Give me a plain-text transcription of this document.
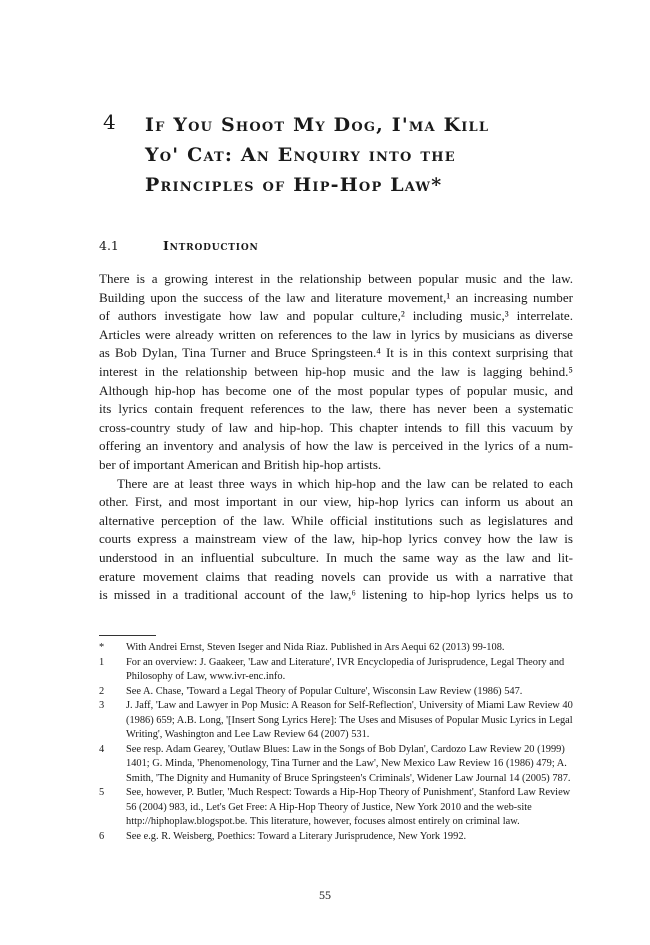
4	If You Shoot My Dog, I'ma Kill
Yo' Cat: An Enquiry into the
Principles of Hip-Hop Law*
4.1	Introduction

There is a growing interest in the relationship between popular music and the law.
Building upon the success of the law and literature movement,¹ an increasing number
of authors investigate how law and popular culture,² including music,³ interrelate.
Articles were already written on references to the law in lyrics by musicians as diverse
as Bob Dylan, Tina Turner and Bruce Springsteen.⁴ It is in this context surprising that
interest in the relationship between hip-hop music and the law is lagging behind.⁵
Although hip-hop has become one of the most popular types of popular music, and
its lyrics contain frequent references to the law, there has never been a systematic
cross-country study of law and hip-hop. This chapter intends to fill this vacuum by
offering an inventory and analysis of how the law is perceived in the lyrics of a num-
ber of important American and British hip-hop artists.

There are at least three ways in which hip-hop and the law can be related to each
other. First, and most important in our view, hip-hop lyrics can inform us about an
alternative perception of the law. While official institutions such as legislatures and
courts express a mainstream view of the law, hip-hop lyrics convey how the law is
understood in an influential subculture. In much the same way as the law and lit-
erature movement claims that reading novels can provide us with a narrative that
is missed in a traditional account of the law,⁶ listening to hip-hop lyrics helps us to

*	With Andrei Ernst, Steven Iseger and Nida Riaz. Published in Ars Aequi 62 (2013) 99-108.
1	For an overview: J. Gaakeer, 'Law and Literature', IVR Encyclopedia of Jurisprudence, Legal Theory and Philosophy of Law, www.ivr-enc.info.
2	See A. Chase, 'Toward a Legal Theory of Popular Culture', Wisconsin Law Review (1986) 547.
3	J. Jaff, 'Law and Lawyer in Pop Music: A Reason for Self-Reflection', University of Miami Law Review 40 (1986) 659; A.B. Long, '[Insert Song Lyrics Here]: The Uses and Misuses of Popular Music Lyrics in Legal Writing', Washington and Lee Law Review 64 (2007) 531.
4	See resp. Adam Gearey, 'Outlaw Blues: Law in the Songs of Bob Dylan', Cardozo Law Review 20 (1999) 1401; G. Minda, 'Phenomenology, Tina Turner and the Law', New Mexico Law Review 16 (1986) 479; A. Smith, 'The Dignity and Humanity of Bruce Springsteen's Criminals', Widener Law Journal 14 (2005) 787.
5	See, however, P. Butler, 'Much Respect: Towards a Hip-Hop Theory of Punishment', Stanford Law Review 56 (2004) 983, id., Let's Get Free: A Hip-Hop Theory of Justice, New York 2010 and the web-site http://hiphoplaw.blogspot.be. This literature, however, focuses almost entirely on criminal law.
6	See e.g. R. Weisberg, Poethics: Toward a Literary Jurisprudence, New York 1992.
55
